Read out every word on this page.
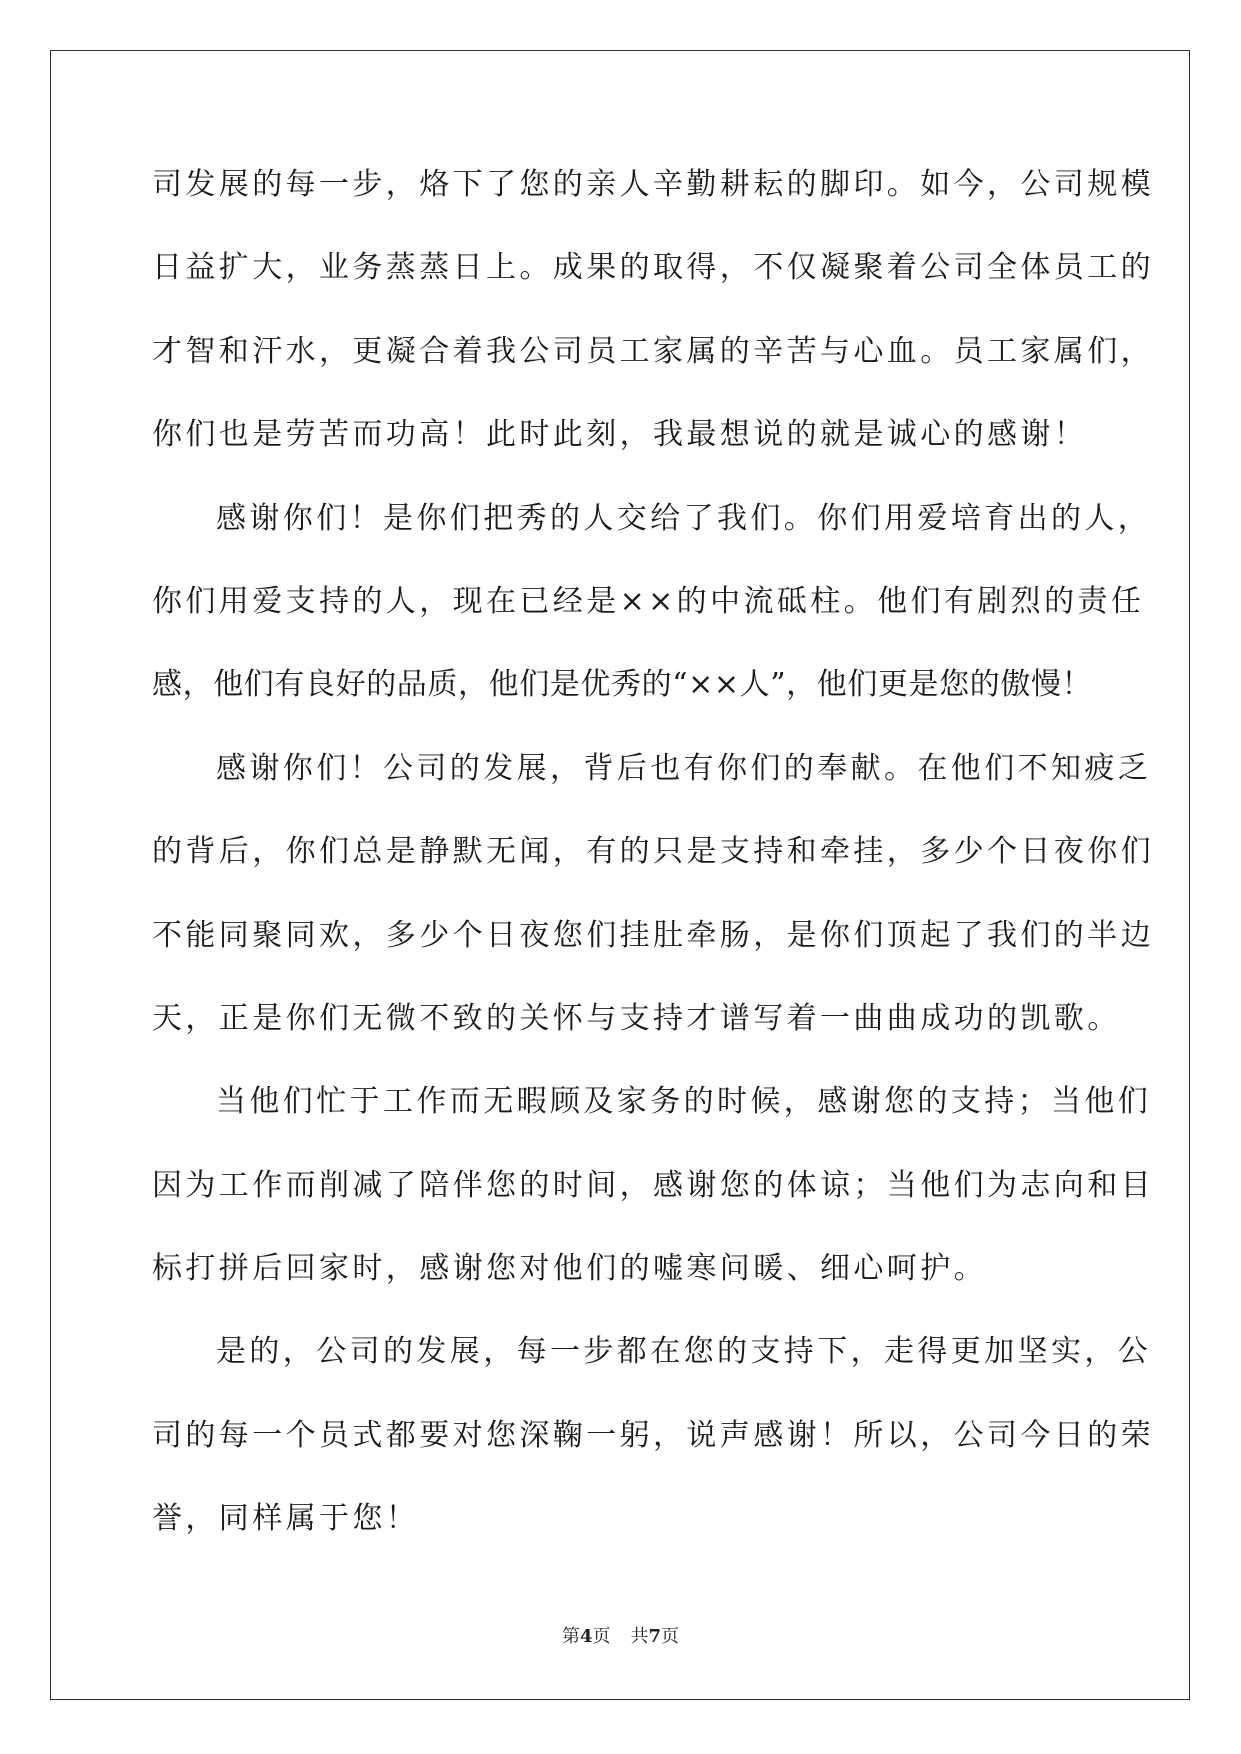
司发展的每一步，烙下了您的亲人辛勤耕耘的脚印。如今，公司规模
日益扩大，业务蒸蒸日上。成果的取得，不仅凝聚着公司全体员工的
才智和汗水，更凝合着我公司员工家属的辛苦与心血。员工家属们，
你们也是劳苦而功高！此时此刻，我最想说的就是诚心的感谢！
感谢你们！是你们把秀的人交给了我们。你们用爱培育出的人，
你们用爱支持的人，现在已经是××的中流砥柱。他们有剧烈的责任
感，他们有良好的品质，他们是优秀的“××人”，他们更是您的傲慢！
感谢你们！公司的发展，背后也有你们的奉献。在他们不知疲乏
的背后，你们总是静默无闻，有的只是支持和牵挂，多少个日夜你们
不能同聚同欢，多少个日夜您们挂肚牵肠，是你们顶起了我们的半边
天，正是你们无微不致的关怀与支持才谱写着一曲曲成功的凯歌。
当他们忙于工作而无暇顾及家务的时候，感谢您的支持；当他们
因为工作而削减了陪伴您的时间，感谢您的体谅；当他们为志向和目
标打拼后回家时，感谢您对他们的嘘寒问暖、细心呵护。
是的，公司的发展，每一步都在您的支持下，走得更加坚实，公
司的每一个员式都要对您深鞠一躬，说声感谢！所以，公司今日的荣
誉，同样属于您！
第4页 共7页
